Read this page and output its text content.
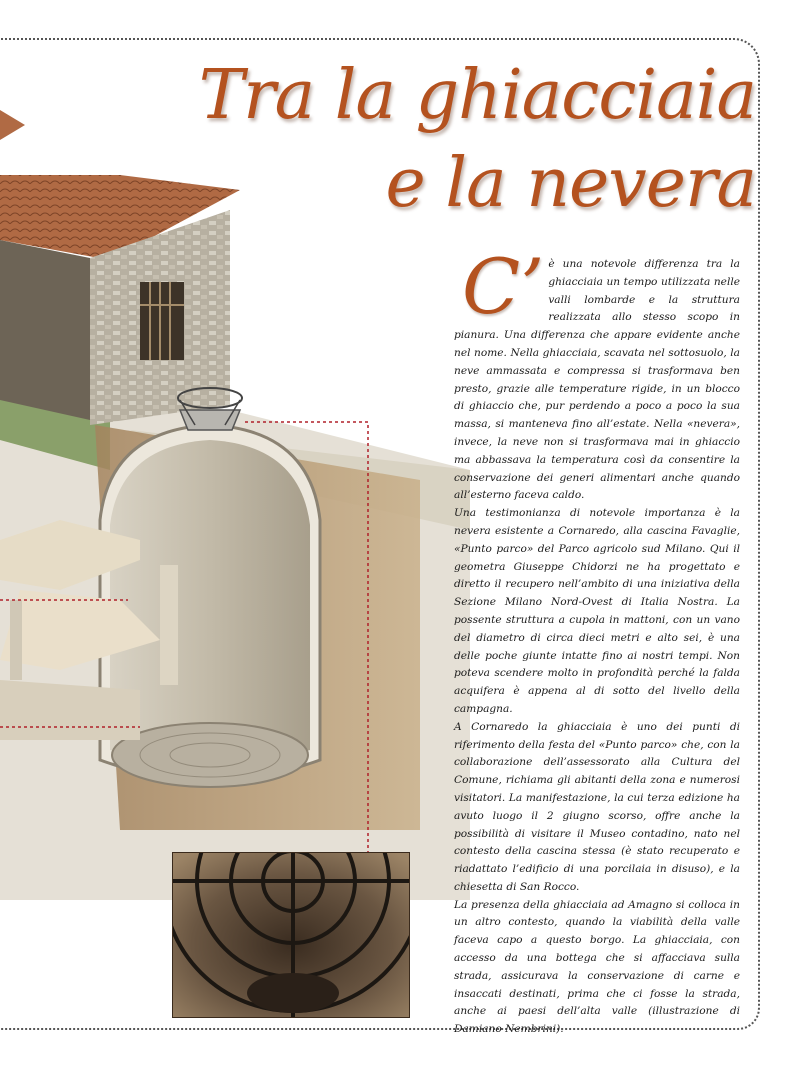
Tra la ghiacciaia
e la nevera

C’ è una notevole differenza tra la ghiacciaia un tempo utilizzata nelle valli lombarde e la struttura realizzata allo stesso scopo in pianura. Una differenza che appare evidente anche nel nome. Nella ghiacciaia, scavata nel sottosuolo, la neve ammassata e compressa si trasformava ben presto, grazie alle temperature rigide, in un blocco di ghiaccio che, pur perdendo a poco a poco la sua massa, si manteneva fino all’estate. Nella «nevera», invece, la neve non si trasformava mai in ghiaccio ma abbassava la temperatura così da consentire la conservazione dei generi alimentari anche quando all’esterno faceva caldo.

Una testimonianza di notevole importanza è la nevera esistente a Cornaredo, alla cascina Favaglie, «Punto parco» del Parco agricolo sud Milano. Qui il geometra Giuseppe Chidorzi ne ha progettato e diretto il recupero nell’ambito di una iniziativa della Sezione Milano Nord-Ovest di Italia Nostra. La possente struttura a cupola in mattoni, con un vano del diametro di circa dieci metri e alto sei, è una delle poche giunte intatte fino ai nostri tempi. Non poteva scendere molto in profondità perché la falda acquifera è appena al di sotto del livello della campagna.

A Cornaredo la ghiacciaia è uno dei punti di riferimento della festa del «Punto parco» che, con la collaborazione dell’assessorato alla Cultura del Comune, richiama gli abitanti della zona e numerosi visitatori. La manifestazione, la cui terza edizione ha avuto luogo il 2 giugno scorso, offre anche la possibilità di visitare il Museo contadino, nato nel contesto della cascina stessa (è stato recuperato e riadattato l’edificio di una porcilaia in disuso), e la chiesetta di San Rocco.

La presenza della ghiacciaia ad Amagno si colloca in un altro contesto, quando la viabilità della valle faceva capo a questo borgo. La ghiacciaia, con accesso da una bottega che si affacciava sulla strada, assicurava la conservazione di carne e insaccati destinati, prima che ci fosse la strada, anche ai paesi dell’alta valle (illustrazione di Damiano Nembrini).
